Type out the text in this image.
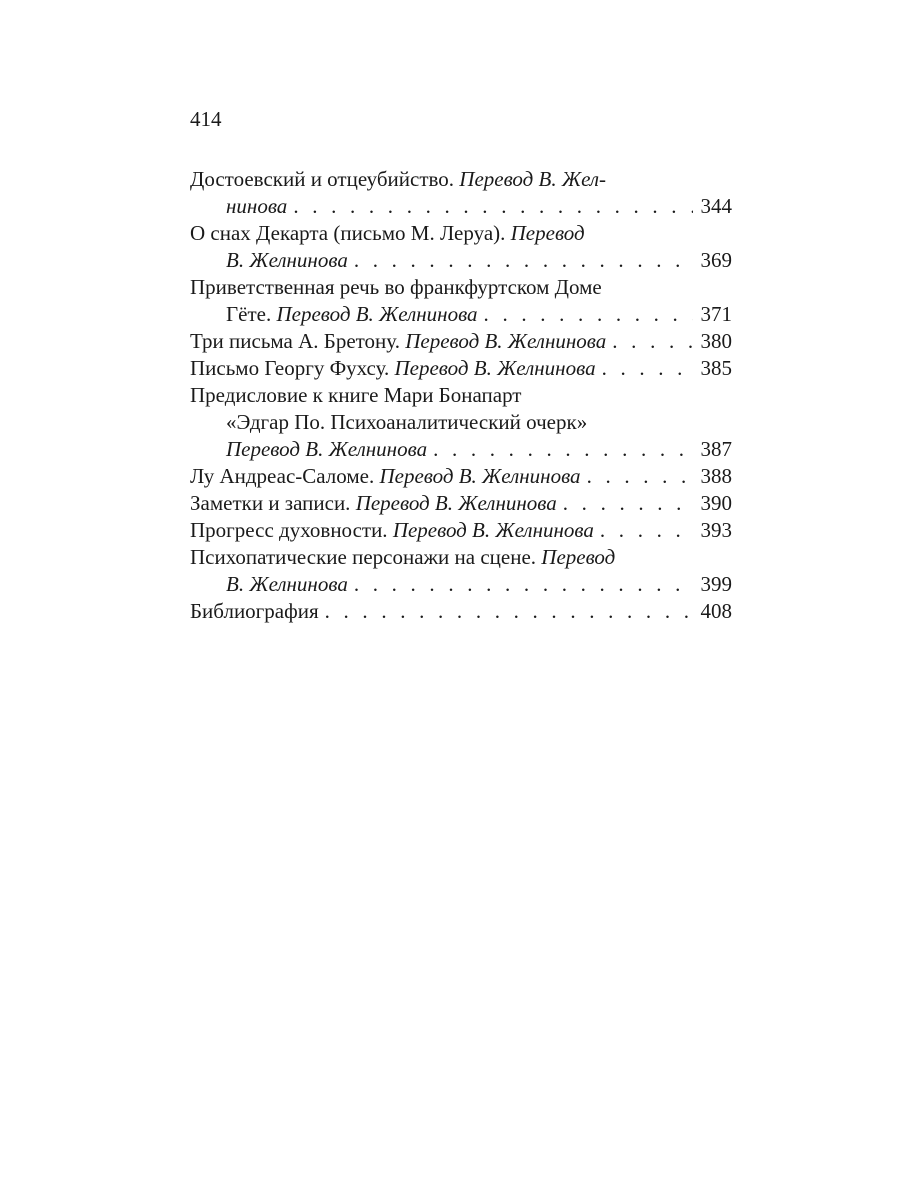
414
Достоевский и отцеубийство. Перевод В. Жел-
нинова . . .	344
О снах Декарта (письмо М. Леруа). Перевод
В. Желнинова . . .	369
Приветственная речь во франкфуртском Доме
Гёте. Перевод В. Желнинова . . .	371
Три письма А. Бретону. Перевод В. Желнинова . . .	380
Письмо Георгу Фухсу. Перевод В. Желнинова . . .	385
Предисловие к книге Мари Бонапарт
«Эдгар По. Психоаналитический очерк»
Перевод В. Желнинова . . .	387
Лу Андреас-Саломе. Перевод В. Желнинова . . .	388
Заметки и записи. Перевод В. Желнинова . . .	390
Прогресс духовности. Перевод В. Желнинова . . .	393
Психопатические персонажи на сцене. Перевод
В. Желнинова . . .	399
Библиография . . .	408
